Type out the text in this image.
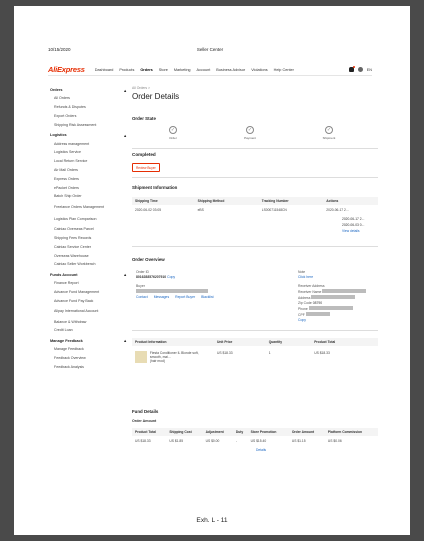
10/15/2020	Seller Center
AliExpress	Dashboard Products Orders Store Marketing Account Business Advisor Violations Help Center	EN
Orders	▴
All Orders
Refunds & Disputes
Export Orders
Shipping Risk Assessment
Logistics	▴
Address management
Logistics Service
Local Return Service
Air Mail Orders
Express Orders
ePacket Orders
Batch Ship Order
Freelance Orders Management
Logistics Plan Comparison
Cainiao Overseas Parcel
Shipping Fees Records
Cainiao Service Center
Overseas Warehouse
Cainiao Seller Workbench
Funds Account	▴
Finance Report
Advance Fund Management
Advance Fund Pay Back
Alipay International Account
Balance & Withdraw
Credit Loan
Manage Feedback	▴
Manage Feedback
Feedback Overview
Feedback Analysis
All Orders >
Order Details
Order State
✓
Order
✓
Payment
✓
Shipment
Completed
Review Buyer
Shipment Information
Shipping Time	Shipping Method	Tracking Number	Actions
2020-06-02 03:05	eBS	LS000711548CN	2020-06-17 2...
2020-06-17 2...
2020-06-03 0...
View details
Order Overview
Order ID
8016288576207910 Copy
Buyer
Contact Messages Report Buyer Blacklist
Note
Click here
Receiver Address
Receiver Name
Address
Zip Code 08790
Phone
CPF
Copy
Product Information	Unit Price	Quantity	Product Total
Fiesta Conditioner IL Blonde soft, smooth, mai...
(hair mod)	US $18.33	1	US $18.33
Fund Details
Order Amount
Product Total	Shipping Cost	Adjustment	Duty	Store Promotion	Order Amount	Platform Commission
US $18.33	US $1.85	US $0.00	-	US $15.40	US $1.15	US $0.06
Details
Exh. L - 11
